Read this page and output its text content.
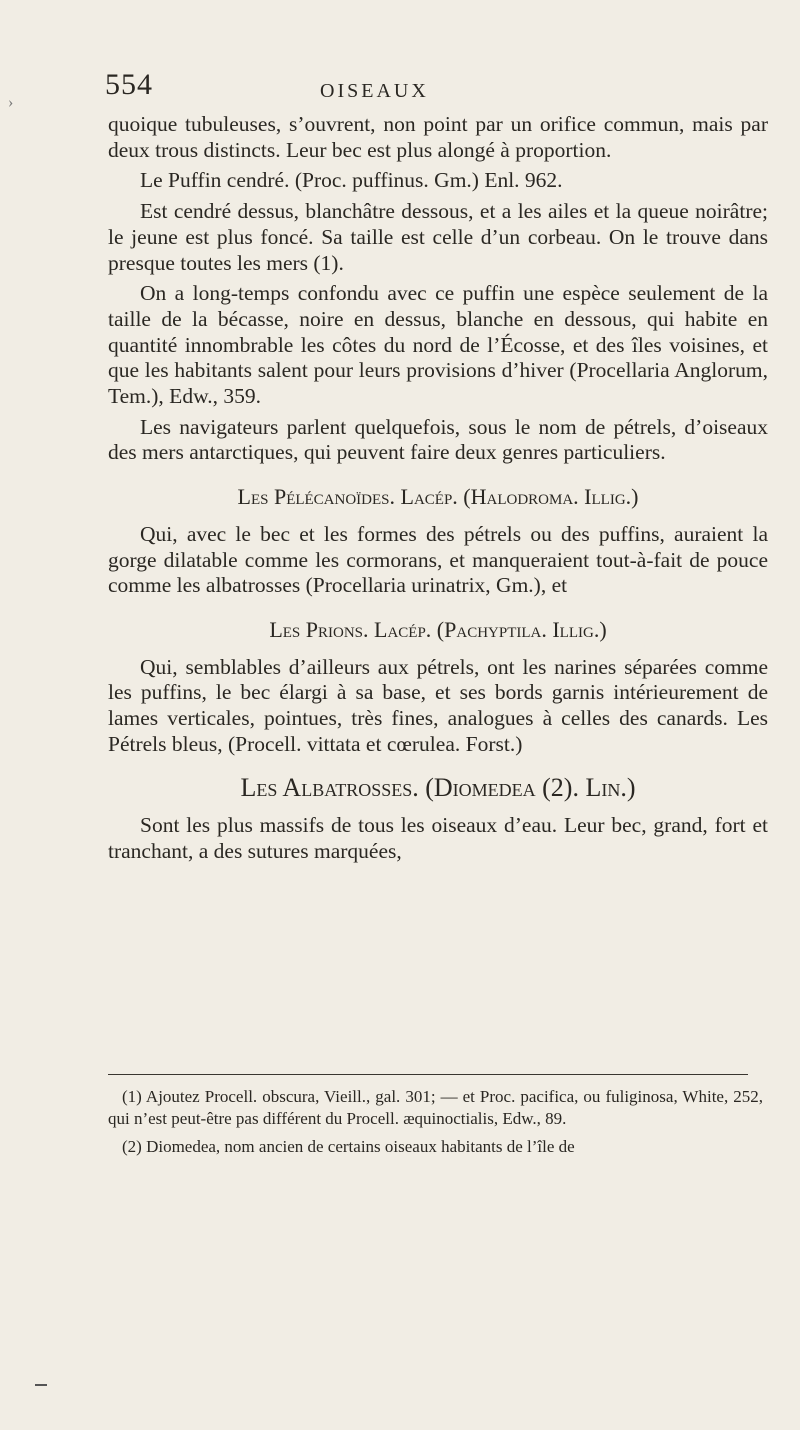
›
554	OISEAUX

quoique tubuleuses, s’ouvrent, non point par un orifice commun, mais par deux trous distincts. Leur bec est plus alongé à proportion.

Le Puffin cendré. (Proc. puffinus. Gm.) Enl. 962.

Est cendré dessus, blanchâtre dessous, et a les ailes et la queue noirâtre; le jeune est plus foncé. Sa taille est celle d’un corbeau. On le trouve dans presque toutes les mers (1).

On a long-temps confondu avec ce puffin une espèce seulement de la taille de la bécasse, noire en dessus, blanche en dessous, qui habite en quantité innombrable les côtes du nord de l’Écosse, et des îles voisines, et que les habitants salent pour leurs provisions d’hiver (Procellaria Anglorum, Tem.), Edw., 359.

Les navigateurs parlent quelquefois, sous le nom de pétrels, d’oiseaux des mers antarctiques, qui peuvent faire deux genres particuliers.

Les Pélécanoïdes. Lacép. (Halodroma. Illig.)

Qui, avec le bec et les formes des pétrels ou des puffins, auraient la gorge dilatable comme les cormorans, et manqueraient tout-à-fait de pouce comme les albatrosses (Procellaria urinatrix, Gm.), et

Les Prions. Lacép. (Pachyptila. Illig.)

Qui, semblables d’ailleurs aux pétrels, ont les narines séparées comme les puffins, le bec élargi à sa base, et ses bords garnis intérieurement de lames verticales, pointues, très fines, analogues à celles des canards. Les Pétrels bleus, (Procell. vittata et cœrulea. Forst.)

Les Albatrosses. (Diomedea (2). Lin.)

Sont les plus massifs de tous les oiseaux d’eau. Leur bec, grand, fort et tranchant, a des sutures marquées,

(1) Ajoutez Procell. obscura, Vieill., gal. 301; — et Proc. pacifica, ou fuliginosa, White, 252, qui n’est peut-être pas différent du Procell. æquinoctialis, Edw., 89.

(2) Diomedea, nom ancien de certains oiseaux habitants de l’île de
